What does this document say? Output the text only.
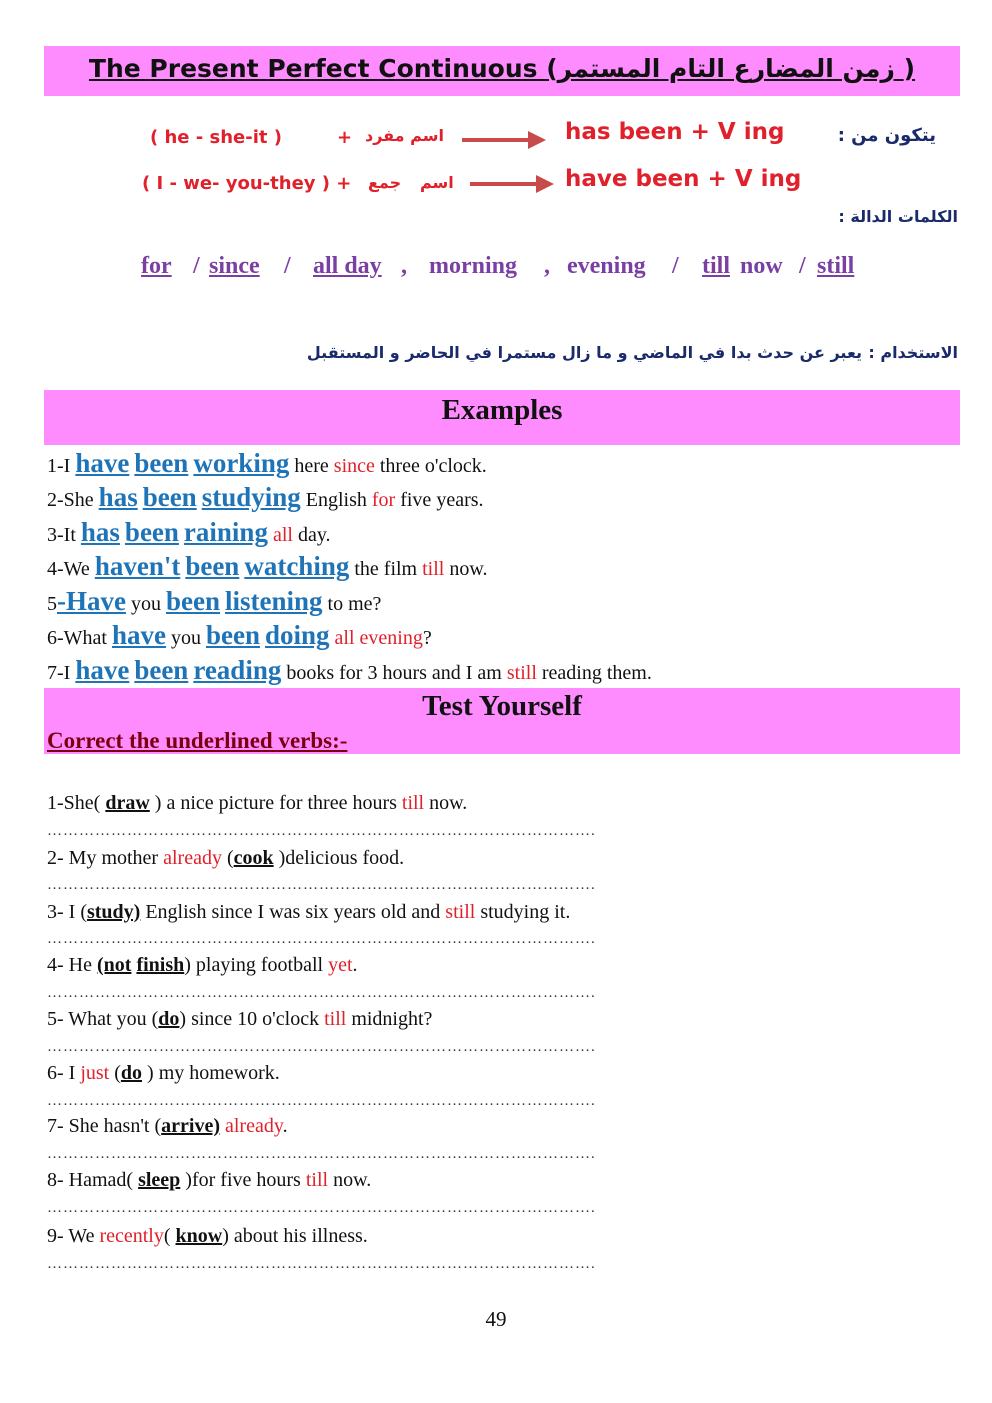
The Present Perfect Continuous (زمن المضارع التام المستمر )
يتكون من :
( he - she-it )	+ اسم مفرد	has been + V ing
( I - we- you-they ) + جمع اسم	have been + V ing
الكلمات الدالة :
for / since / all day , morning , evening / till now / still
الاستخدام :
يعبر عن حدث بدا في الماضي و ما زال مستمرا في الحاضر و المستقبل
Examples
1-I have been working here since three o'clock.
2-She has been studying English for five years.
3-It has been raining all day.
4-We haven't been watching the film till now.
5-Have you been listening to me?
6-What have you been doing all evening?
7-I have been reading books for 3 hours and I am still reading them.
Test Yourself
Correct the underlined verbs:-
1-She( draw ) a nice picture for three hours till now.
………………………………………………………………………………………….
2- My mother already (cook )delicious food.
………………………………………………………………………………………….
3- I (study) English since I was six years old and still studying it.
………………………………………………………………………………………….
4- He (not finish) playing football yet.
………………………………………………………………………………………….
5- What you (do) since 10 o'clock till midnight?
………………………………………………………………………………………….
6- I just (do ) my homework.
………………………………………………………………………………………….
7- She hasn't (arrive) already.
………………………………………………………………………………………….
8- Hamad( sleep )for five hours till now.
………………………………………………………………………………………….
9- We recently( know) about his illness.
………………………………………………………………………………………….
49
